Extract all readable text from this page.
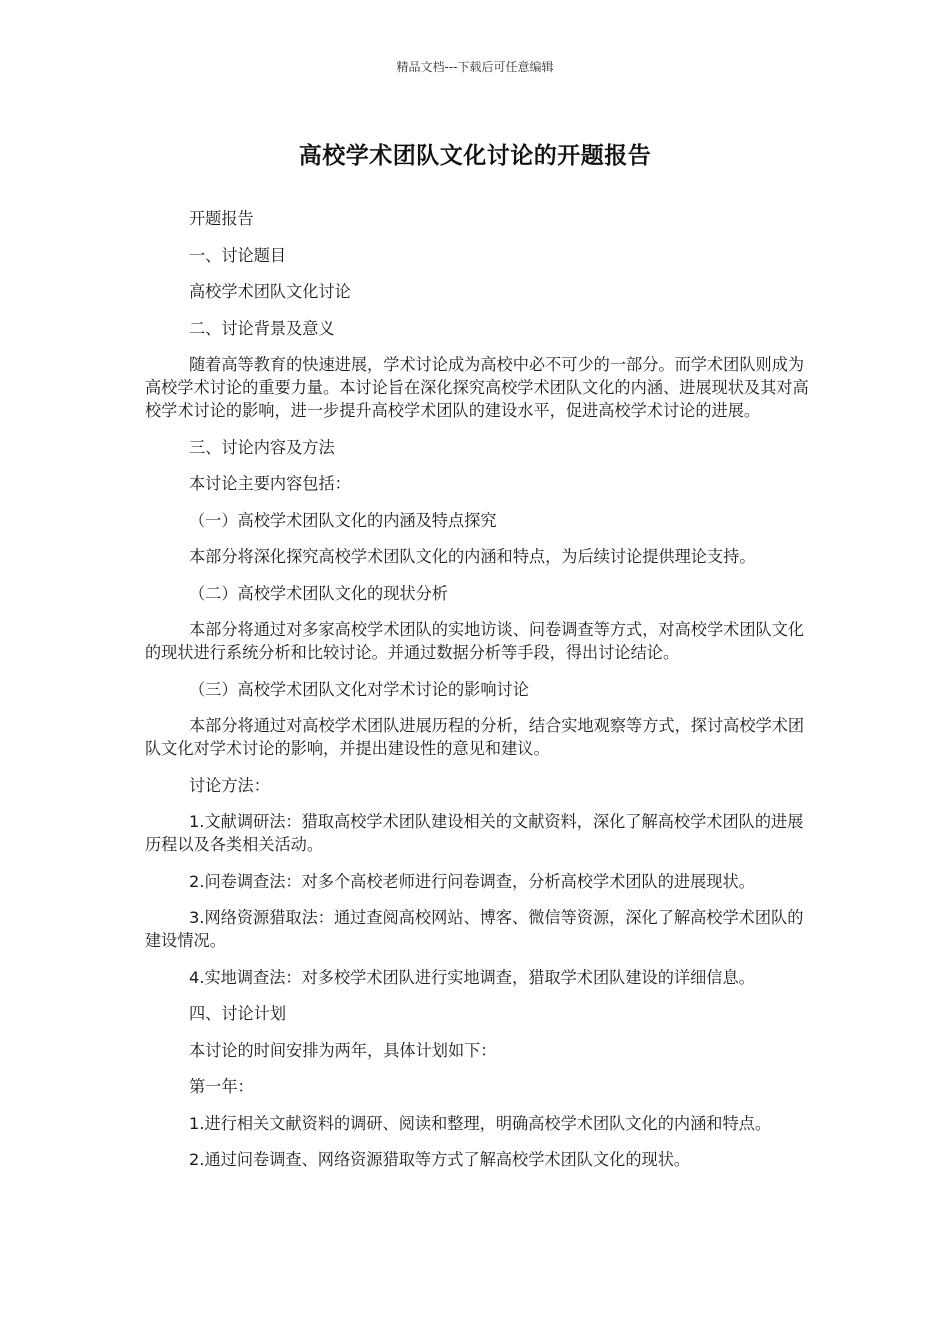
精品文档---下载后可任意编辑
高校学术团队文化讨论的开题报告

开题报告

一、讨论题目

高校学术团队文化讨论

二、讨论背景及意义

随着高等教育的快速进展，学术讨论成为高校中必不可少的一部分。而学术团队则成为高校学术讨论的重要力量。本讨论旨在深化探究高校学术团队文化的内涵、进展现状及其对高校学术讨论的影响，进一步提升高校学术团队的建设水平，促进高校学术讨论的进展。

三、讨论内容及方法

本讨论主要内容包括：

（一）高校学术团队文化的内涵及特点探究

本部分将深化探究高校学术团队文化的内涵和特点，为后续讨论提供理论支持。

（二）高校学术团队文化的现状分析

本部分将通过对多家高校学术团队的实地访谈、问卷调查等方式，对高校学术团队文化的现状进行系统分析和比较讨论。并通过数据分析等手段，得出讨论结论。

（三）高校学术团队文化对学术讨论的影响讨论

本部分将通过对高校学术团队进展历程的分析，结合实地观察等方式，探讨高校学术团队文化对学术讨论的影响，并提出建设性的意见和建议。

讨论方法：

1.文献调研法：猎取高校学术团队建设相关的文献资料，深化了解高校学术团队的进展历程以及各类相关活动。

2.问卷调查法：对多个高校老师进行问卷调查，分析高校学术团队的进展现状。

3.网络资源猎取法：通过查阅高校网站、博客、微信等资源，深化了解高校学术团队的建设情况。

4.实地调查法：对多校学术团队进行实地调查，猎取学术团队建设的详细信息。

四、讨论计划

本讨论的时间安排为两年，具体计划如下：

第一年：

1.进行相关文献资料的调研、阅读和整理，明确高校学术团队文化的内涵和特点。

2.通过问卷调查、网络资源猎取等方式了解高校学术团队文化的现状。
